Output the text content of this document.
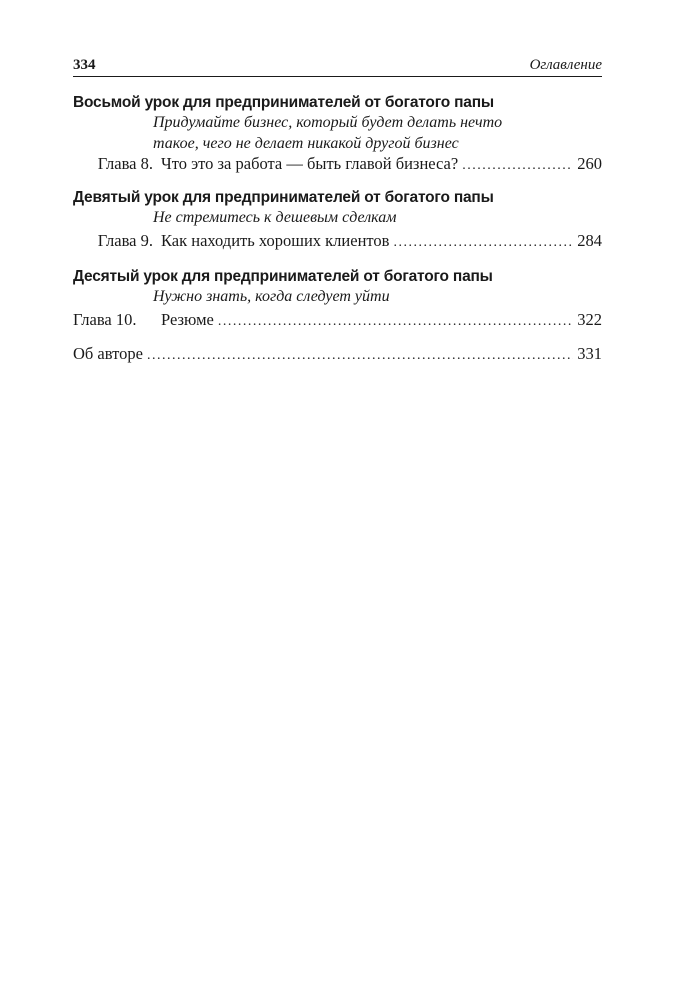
334	Оглавление
Восьмой урок для предпринимателей от богатого папы
Придумайте бизнес, который будет делать нечто
такое, чего не делает никакой другой бизнес
Глава 8. Что это за работа — быть главой бизнеса? .....	260
Девятый урок для предпринимателей от богатого папы
Не стремитесь к дешевым сделкам
Глава 9. Как находить хороших клиентов .....	284
Десятый урок для предпринимателей от богатого папы
Нужно знать, когда следует уйти
Глава 10.	Резюме .....	322
Об авторе .....	331
